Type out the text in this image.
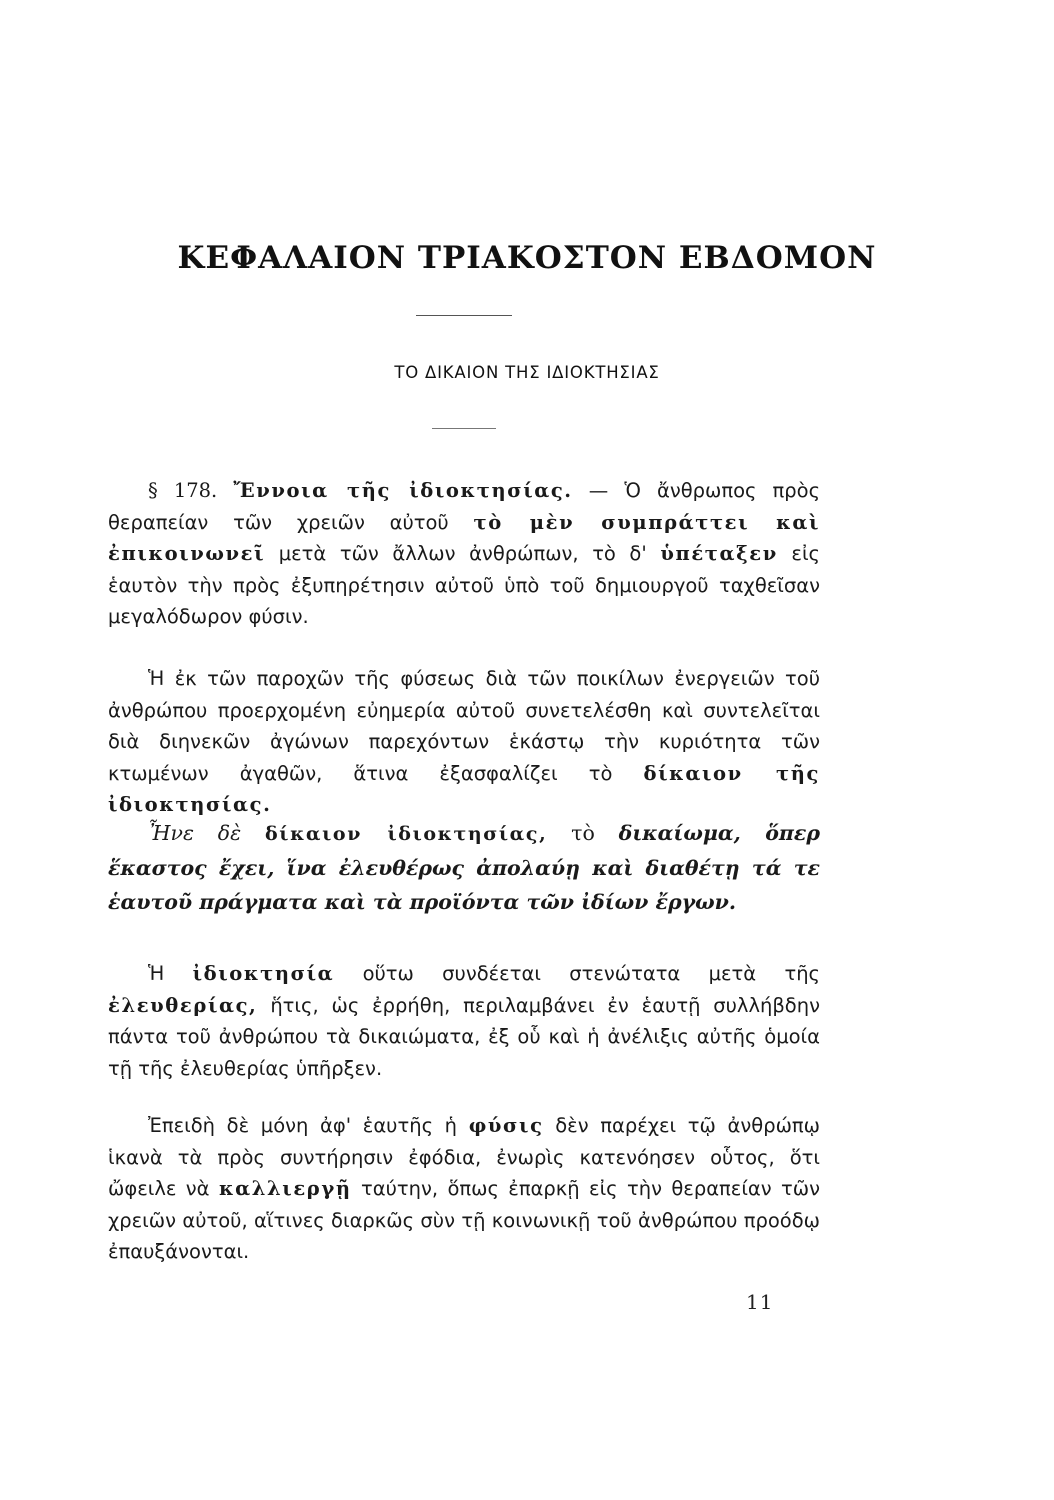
ΚΕΦΑΛΑΙΟΝ ΤΡΙΑΚΟΣΤΟΝ ΕΒΔΟΜΟΝ
ΤΟ ΔΙΚΑΙΟΝ ΤΗΣ ΙΔΙΟΚΤΗΣΙΑΣ

§ 178. Ἔννοια τῆς ἰδιοκτησίας. — Ὁ ἄνθρωπος πρὸς θεραπείαν τῶν χρειῶν αὐτοῦ τὸ μὲν συμπράττει καὶ ἐπικοινωνεῖ μετὰ τῶν ἄλλων ἀνθρώπων, τὸ δ' ὑπέταξεν εἰς ἑαυτὸν τὴν πρὸς ἐξυπηρέτησιν αὐτοῦ ὑπὸ τοῦ δημιουργοῦ ταχθεῖσαν μεγαλόδωρον φύσιν.

Ἡ ἐκ τῶν παροχῶν τῆς φύσεως διὰ τῶν ποικίλων ἐνεργειῶν τοῦ ἀνθρώπου προερχομένη εὐημερία αὐτοῦ συνετελέσθη καὶ συντελεῖται διὰ διηνεκῶν ἀγώνων παρεχόντων ἑκάστῳ τὴν κυριότητα τῶν κτωμένων ἀγαθῶν, ἅτινα ἐξασφαλίζει τὸ δίκαιον τῆς ἰδιοκτησίας.

Ἦνε δὲ δίκαιον ἰδιοκτησίας, τὸ δικαίωμα, ὅπερ ἕκαστος ἔχει, ἵνα ἐλευθέρως ἀπολαύῃ καὶ διαθέτῃ τά τε ἑαυτοῦ πράγματα καὶ τὰ προϊόντα τῶν ἰδίων ἔργων.

Ἡ ἰδιοκτησία οὕτω συνδέεται στενώτατα μετὰ τῆς ἐλευθερίας, ἥτις, ὡς ἐρρήθη, περιλαμβάνει ἐν ἑαυτῇ συλλήβδην πάντα τοῦ ἀνθρώπου τὰ δικαιώματα, ἐξ οὗ καὶ ἡ ἀνέλιξις αὐτῆς ὁμοία τῇ τῆς ἐλευθερίας ὑπῆρξεν.

Ἐπειδὴ δὲ μόνη ἀφ' ἑαυτῆς ἡ φύσις δὲν παρέχει τῷ ἀνθρώπῳ ἱκανὰ τὰ πρὸς συντήρησιν ἐφόδια, ἐνωρὶς κατενόησεν οὗτος, ὅτι ὤφειλε νὰ καλλιεργῇ ταύτην, ὅπως ἐπαρκῇ εἰς τὴν θεραπείαν τῶν χρειῶν αὐτοῦ, αἵτινες διαρκῶς σὺν τῇ κοινωνικῇ τοῦ ἀνθρώπου προόδῳ ἐπαυξάνονται.

11
